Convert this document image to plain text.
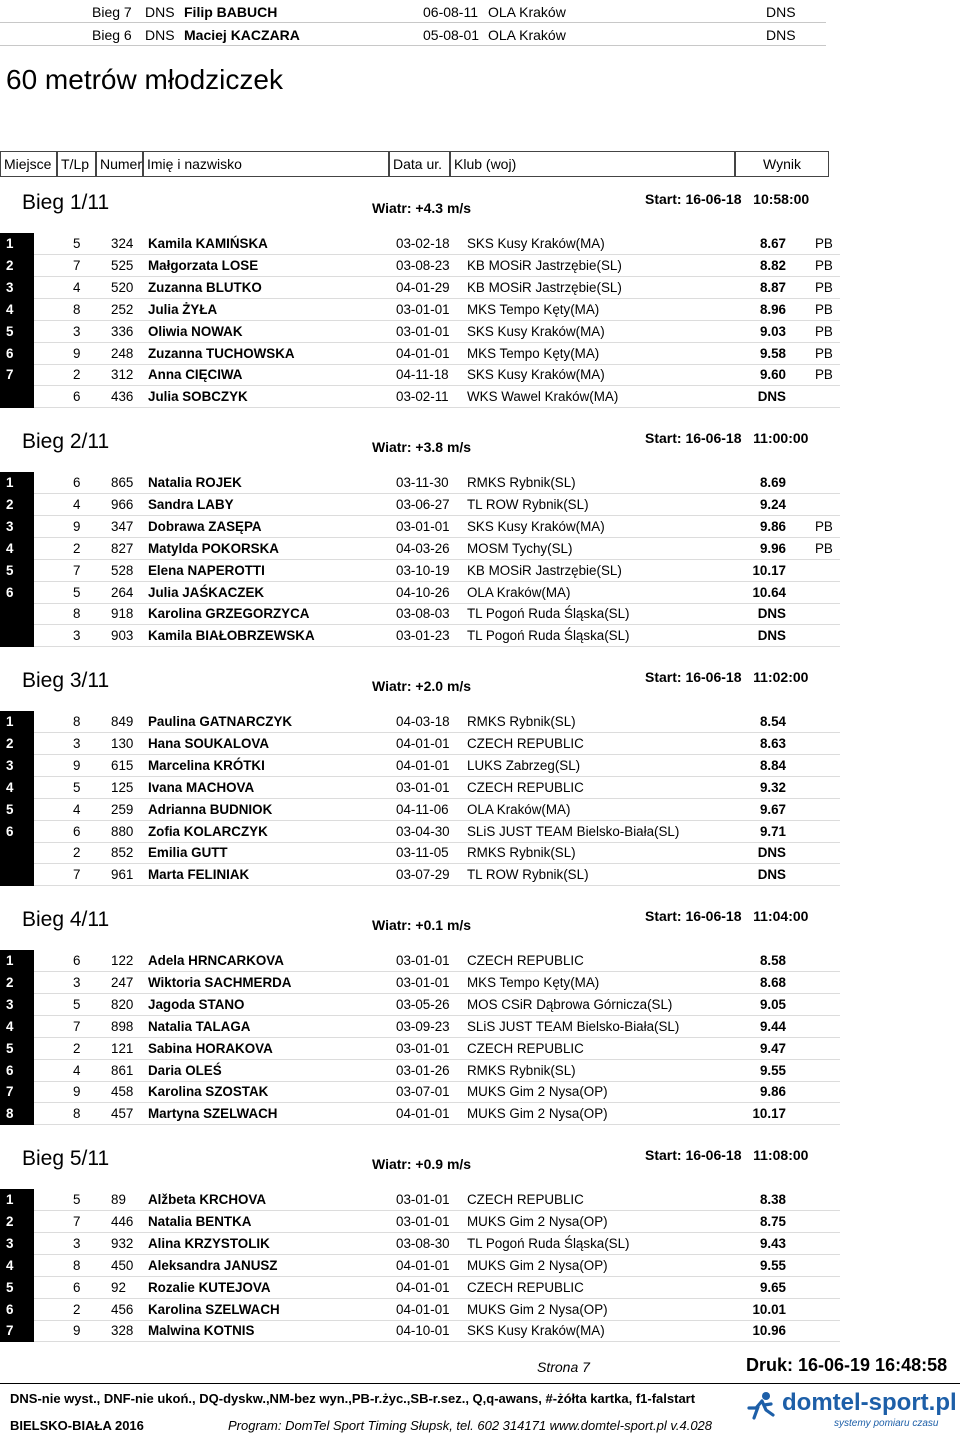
Bieg 7 DNS Filip BABUCH	06-08-11 OLA Kraków	DNS
Bieg 6 DNS Maciej KACZARA	05-08-01 OLA Kraków	DNS
60 metrów młodziczek
Miejsce T/Lp Numer Imię i nazwisko	Data ur. Klub (woj)	Wynik
Bieg 1/11	Wiatr: +4.3 m/s
Start: 16-06-18   10:58:00
1	5 324 Kamila KAMIŃSKA	03-02-18 SKS Kusy Kraków(MA)	8.67 PB
2	7 525 Małgorzata LOSE	03-08-23 KB MOSiR Jastrzębie(SL)	8.82 PB
3	4 520 Zuzanna BLUTKO	04-01-29 KB MOSiR Jastrzębie(SL)	8.87 PB
4	8 252 Julia ŻYŁA	03-01-01 MKS Tempo Kęty(MA)	8.96 PB
5	3 336 Oliwia NOWAK	03-01-01 SKS Kusy Kraków(MA)	9.03 PB
6	9 248 Zuzanna TUCHOWSKA	04-01-01 MKS Tempo Kęty(MA)	9.58 PB
7	2 312 Anna CIĘCIWA	04-11-18 SKS Kusy Kraków(MA)	9.60 PB
6 436 Julia SOBCZYK	03-02-11 WKS Wawel Kraków(MA)	DNS
Bieg 2/11	Wiatr: +3.8 m/s
Start: 16-06-18   11:00:00
1	6 865 Natalia ROJEK	03-11-30 RMKS Rybnik(SL)	8.69
2	4 966 Sandra LABY	03-06-27 TL ROW Rybnik(SL)	9.24
3	9 347 Dobrawa ZASĘPA	03-01-01 SKS Kusy Kraków(MA)	9.86 PB
4	2 827 Matylda POKORSKA	04-03-26 MOSM Tychy(SL)	9.96 PB
5	7 528 Elena NAPEROTTI	03-10-19 KB MOSiR Jastrzębie(SL)	10.17
6	5 264 Julia JAŚKACZEK	04-10-26 OLA Kraków(MA)	10.64
8 918 Karolina GRZEGORZYCA	03-08-03 TL Pogoń Ruda Śląska(SL)	DNS
3 903 Kamila BIAŁOBRZEWSKA	03-01-23 TL Pogoń Ruda Śląska(SL)	DNS
Bieg 3/11	Wiatr: +2.0 m/s
Start: 16-06-18   11:02:00
1	8 849 Paulina GATNARCZYK	04-03-18 RMKS Rybnik(SL)	8.54
2	3 130 Hana SOUKALOVA	04-01-01 CZECH REPUBLIC	8.63
3	9 615 Marcelina KRÓTKI	04-01-01 LUKS Zabrzeg(SL)	8.84
4	5 125 Ivana MACHOVA	03-01-01 CZECH REPUBLIC	9.32
5	4 259 Adrianna BUDNIOK	04-11-06 OLA Kraków(MA)	9.67
6	6 880 Zofia KOLARCZYK	03-04-30 SLiS JUST TEAM Bielsko-Biała(SL)	9.71
2 852 Emilia GUTT	03-11-05 RMKS Rybnik(SL)	DNS
7 961 Marta FELINIAK	03-07-29 TL ROW Rybnik(SL)	DNS
Bieg 4/11	Wiatr: +0.1 m/s
Start: 16-06-18   11:04:00
1	6 122 Adela HRNCARKOVA	03-01-01 CZECH REPUBLIC	8.58
2	3 247 Wiktoria SACHMERDA	03-01-01 MKS Tempo Kęty(MA)	8.68
3	5 820 Jagoda STANO	03-05-26 MOS CSiR Dąbrowa Górnicza(SL)	9.05
4	7 898 Natalia TALAGA	03-09-23 SLiS JUST TEAM Bielsko-Biała(SL)	9.44
5	2 121 Sabina HORAKOVA	03-01-01 CZECH REPUBLIC	9.47
6	4 861 Daria OLEŚ	03-01-26 RMKS Rybnik(SL)	9.55
7	9 458 Karolina SZOSTAK	03-07-01 MUKS Gim 2 Nysa(OP)	9.86
8	8 457 Martyna SZELWACH	04-01-01 MUKS Gim 2 Nysa(OP)	10.17
Bieg 5/11	Wiatr: +0.9 m/s
Start: 16-06-18   11:08:00
1	5 89 Alžbeta KRCHOVA	03-01-01 CZECH REPUBLIC	8.38
2	7 446 Natalia BENTKA	03-01-01 MUKS Gim 2 Nysa(OP)	8.75
3	3 932 Alina KRZYSTOLIK	03-08-30 TL Pogoń Ruda Śląska(SL)	9.43
4	8 450 Aleksandra JANUSZ	04-01-01 MUKS Gim 2 Nysa(OP)	9.55
5	6 92 Rozalie KUTEJOVA	04-01-01 CZECH REPUBLIC	9.65
6	2 456 Karolina SZELWACH	04-01-01 MUKS Gim 2 Nysa(OP)	10.01
7	9 328 Malwina KOTNIS	04-10-01 SKS Kusy Kraków(MA)	10.96
Strona 7	Druk: 16-06-19 16:48:58
DNS-nie wyst., DNF-nie ukoń., DQ-dyskw.,NM-bez wyn.,PB-r.życ.,SB-r.sez., Q,q-awans, #-żółta kartka, f1-falstart
BIELSKO-BIAŁA 2016	Program: DomTel Sport Timing Słupsk, tel. 602 314171 www.domtel-sport.pl v.4.028
domtel-sport.pl
systemy pomiaru czasu
